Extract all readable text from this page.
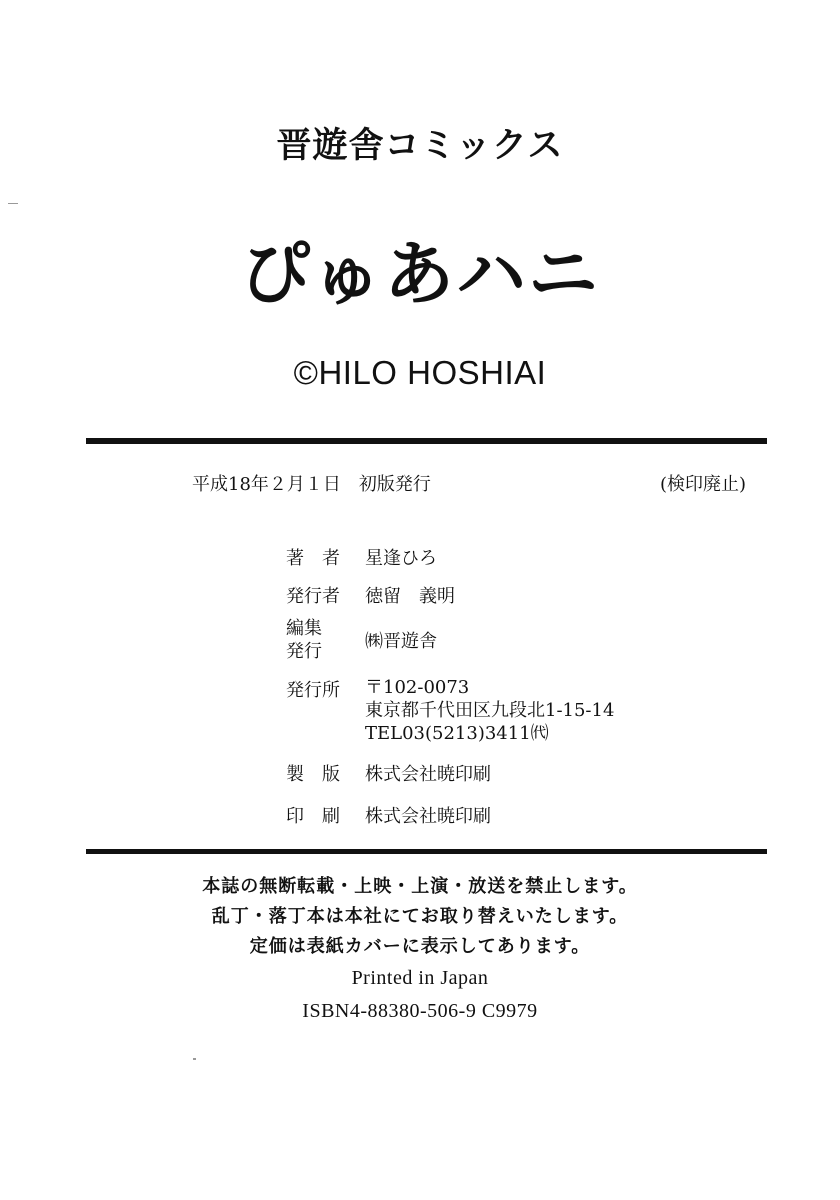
晋遊舎コミックス
ぴゅあハニ
©HILO HOSHIAI
平成18年２月１日　初版発行	(検印廃止)
著　者 星逢ひろ
発行者 徳留　義明
編集
発行 ㈱晋遊舎
発行所 〒102-0073
東京都千代田区九段北1-15-14
TEL03(5213)3411㈹
製　版 株式会社暁印刷
印　刷 株式会社暁印刷
本誌の無断転載・上映・上演・放送を禁止します。
乱丁・落丁本は本社にてお取り替えいたします。
定価は表紙カバーに表示してあります。
Printed in Japan
ISBN4-88380-506-9 C9979
